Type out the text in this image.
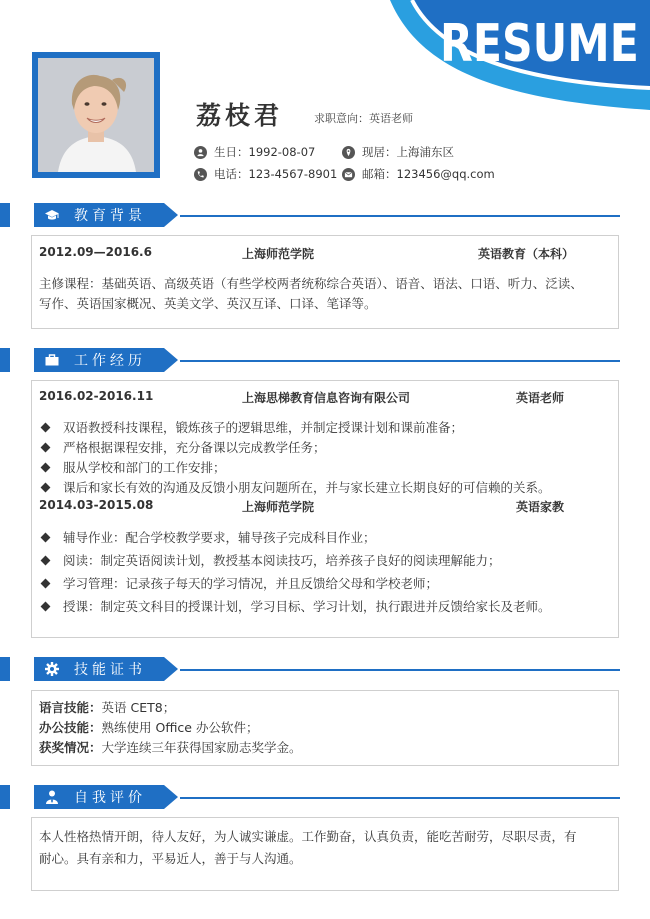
RESUME
荔枝君	求职意向：英语老师
生日：1992-08-07	现居：上海浦东区
电话：123-4567-8901 邮箱：123456@qq.com
教育背景
2012.09—2016.6	上海师范学院	英语教育（本科）
主修课程：基础英语、高级英语（有些学校两者统称综合英语）、语音、语法、口语、听力、泛读、
写作、英语国家概况、英美文学、英汉互译、口译、笔译等。
工作经历
2016.02-2016.11	上海思梯教育信息咨询有限公司	英语老师
双语教授科技课程，锻炼孩子的逻辑思维，并制定授课计划和课前准备；
严格根据课程安排，充分备课以完成教学任务；
服从学校和部门的工作安排；
课后和家长有效的沟通及反馈小朋友问题所在，并与家长建立长期良好的可信赖的关系。
2014.03-2015.08	上海师范学院	英语家教
辅导作业：配合学校教学要求，辅导孩子完成科目作业；
阅读：制定英语阅读计划，教授基本阅读技巧，培养孩子良好的阅读理解能力；
学习管理：记录孩子每天的学习情况，并且反馈给父母和学校老师；
授课：制定英文科目的授课计划，学习目标、学习计划，执行跟进并反馈给家长及老师。
技能证书
语言技能：英语 CET8；
办公技能：熟练使用 Office 办公软件；
获奖情况：大学连续三年获得国家励志奖学金。
自我评价
本人性格热情开朗，待人友好，为人诚实谦虚。工作勤奋，认真负责，能吃苦耐劳，尽职尽责，有
耐心。具有亲和力，平易近人，善于与人沟通。
